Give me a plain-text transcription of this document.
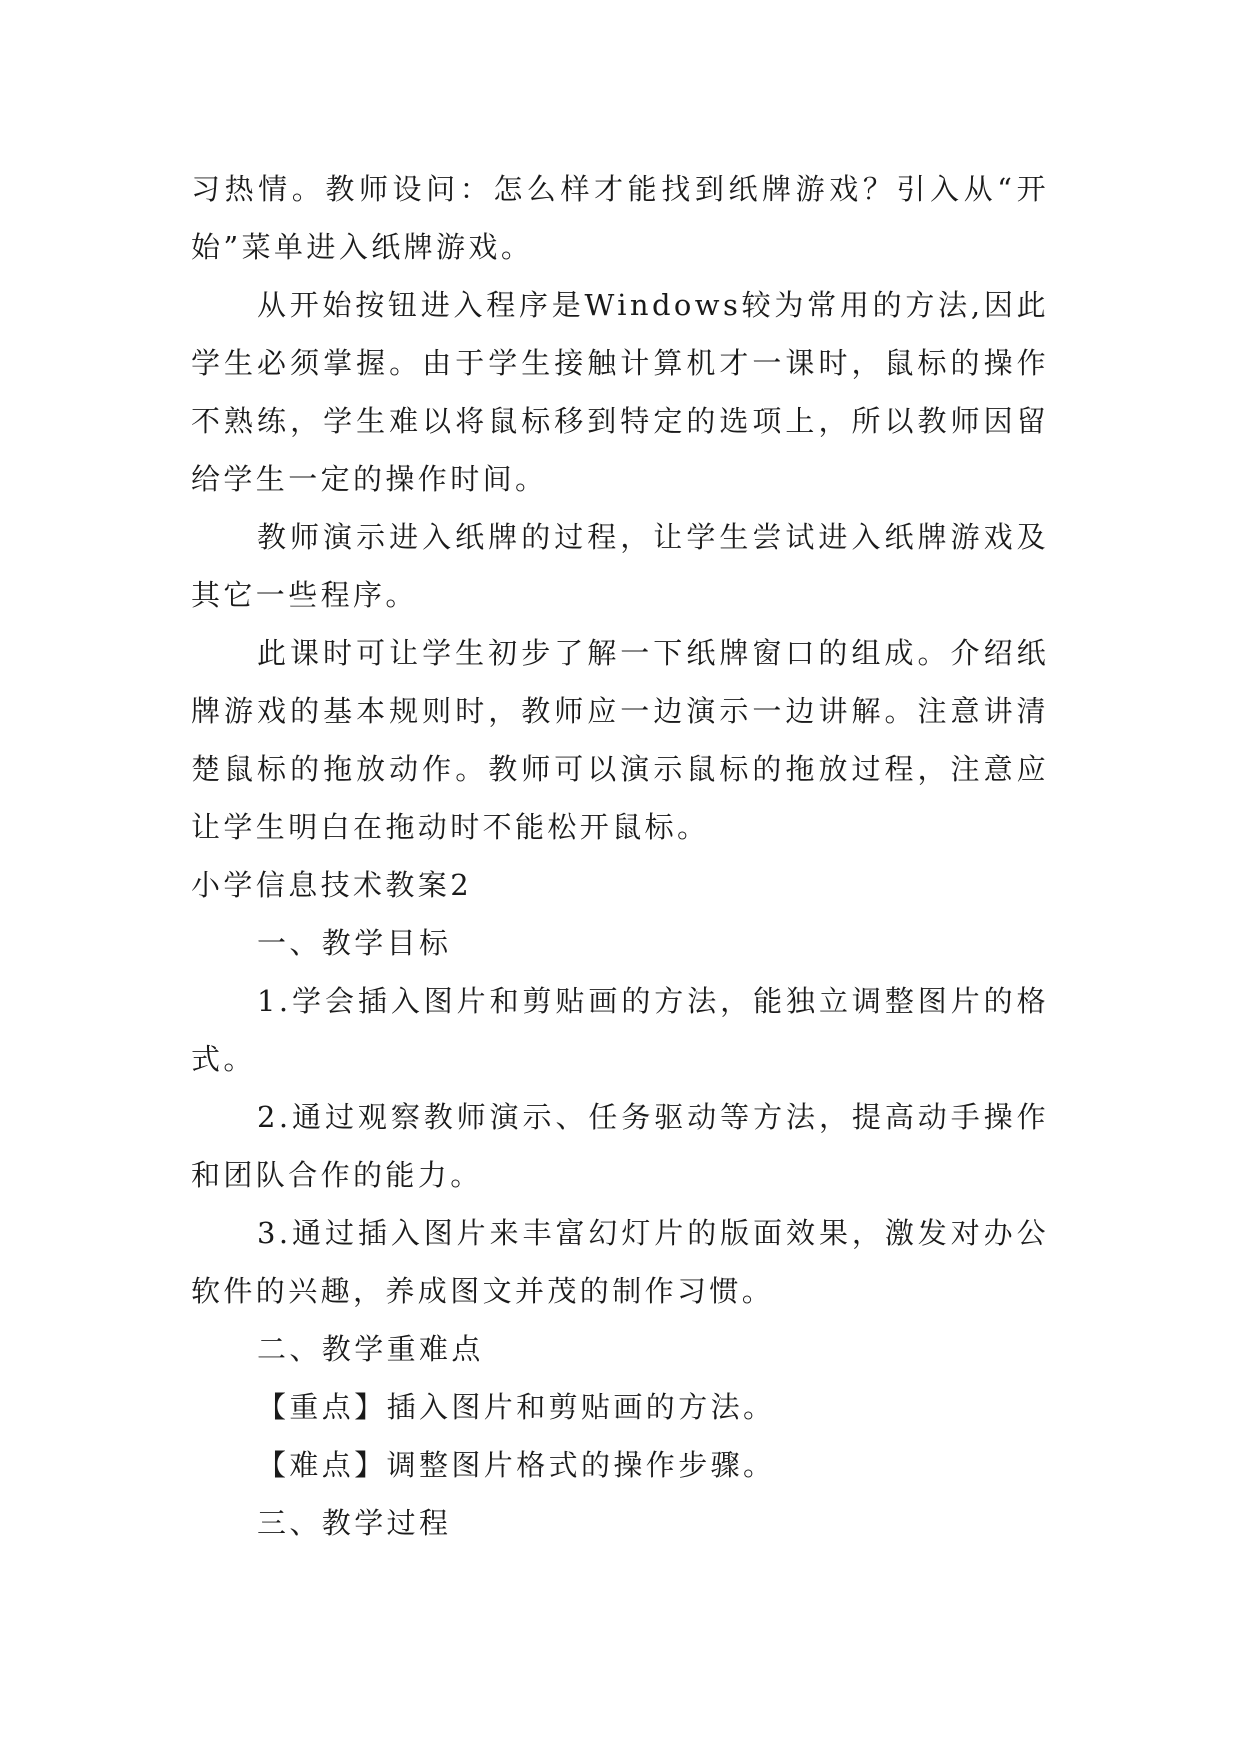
习热情。教师设问：怎么样才能找到纸牌游戏？引入从“开始”菜单进入纸牌游戏。

从开始按钮进入程序是Windows较为常用的方法,因此学生必须掌握。由于学生接触计算机才一课时，鼠标的操作不熟练，学生难以将鼠标移到特定的选项上，所以教师因留给学生一定的操作时间。

教师演示进入纸牌的过程，让学生尝试进入纸牌游戏及其它一些程序。

此课时可让学生初步了解一下纸牌窗口的组成。介绍纸牌游戏的基本规则时，教师应一边演示一边讲解。注意讲清楚鼠标的拖放动作。教师可以演示鼠标的拖放过程，注意应让学生明白在拖动时不能松开鼠标。

小学信息技术教案2

一、教学目标

1.学会插入图片和剪贴画的方法，能独立调整图片的格式。

2.通过观察教师演示、任务驱动等方法，提高动手操作和团队合作的能力。

3.通过插入图片来丰富幻灯片的版面效果，激发对办公软件的兴趣，养成图文并茂的制作习惯。

二、教学重难点

【重点】插入图片和剪贴画的方法。

【难点】调整图片格式的操作步骤。

三、教学过程
